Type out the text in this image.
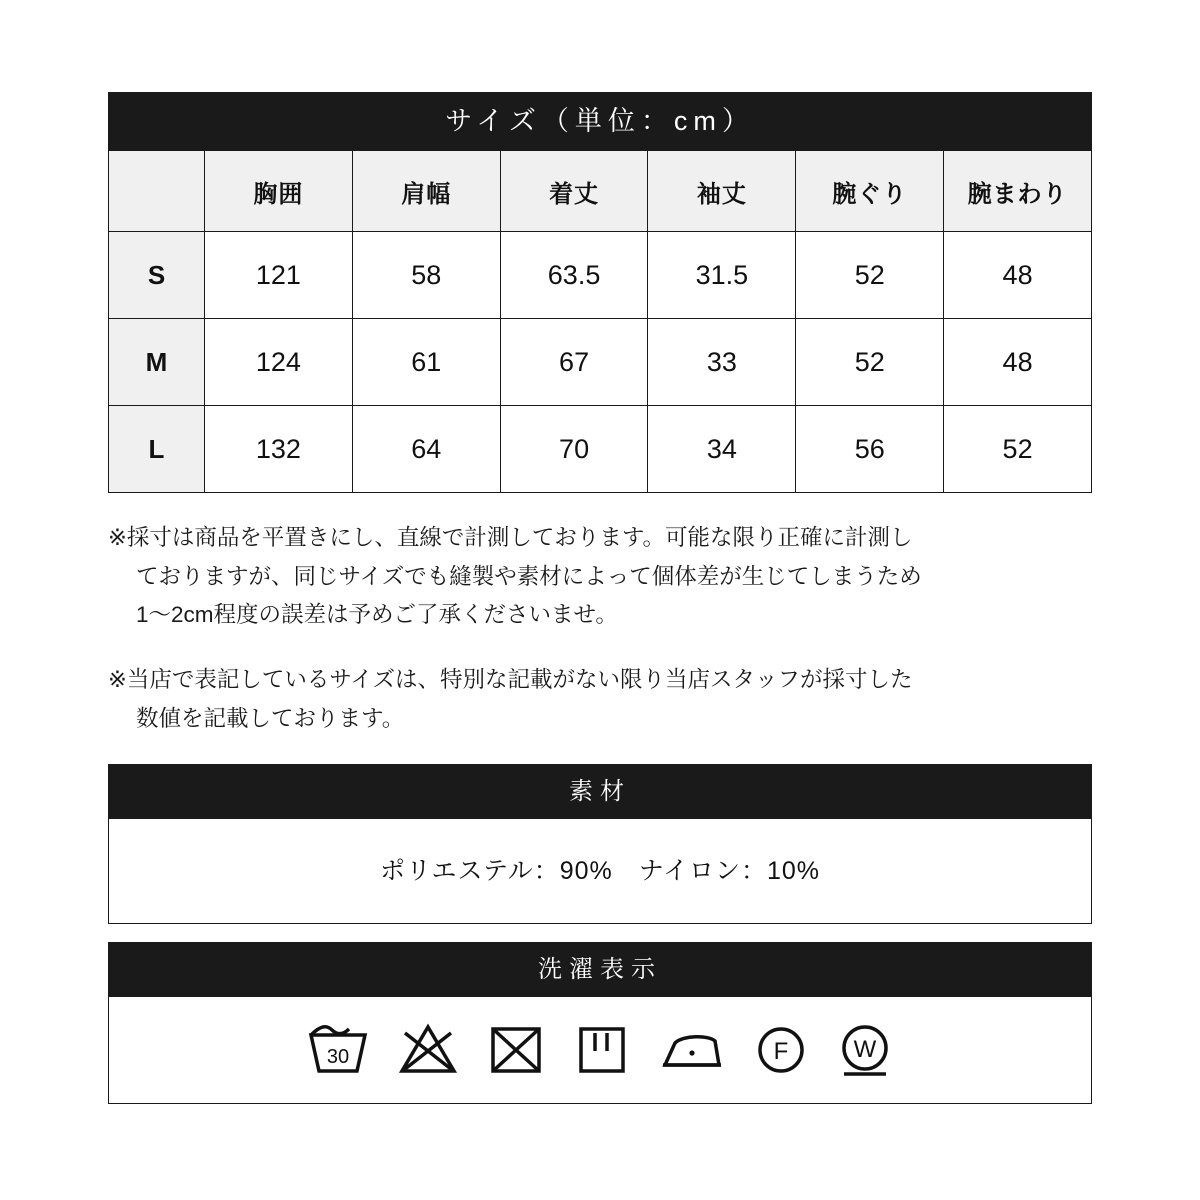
サイズ（単位：cm）
	胸囲	肩幅	着丈	袖丈	腕ぐり	腕まわり
S	121	58	63.5	31.5	52	48
M	124	61	67	33	52	48
L	132	64	70	34	56	52
※採寸は商品を平置きにし、直線で計測しております。可能な限り正確に計測し
ておりますが、同じサイズでも縫製や素材によって個体差が生じてしまうため
1〜2cm程度の誤差は予めご了承くださいませ。
※当店で表記しているサイズは、特別な記載がない限り当店スタッフが採寸した
数値を記載しております。
素材
ポリエステル：90%　ナイロン：10%
洗濯表示
30	F	W
